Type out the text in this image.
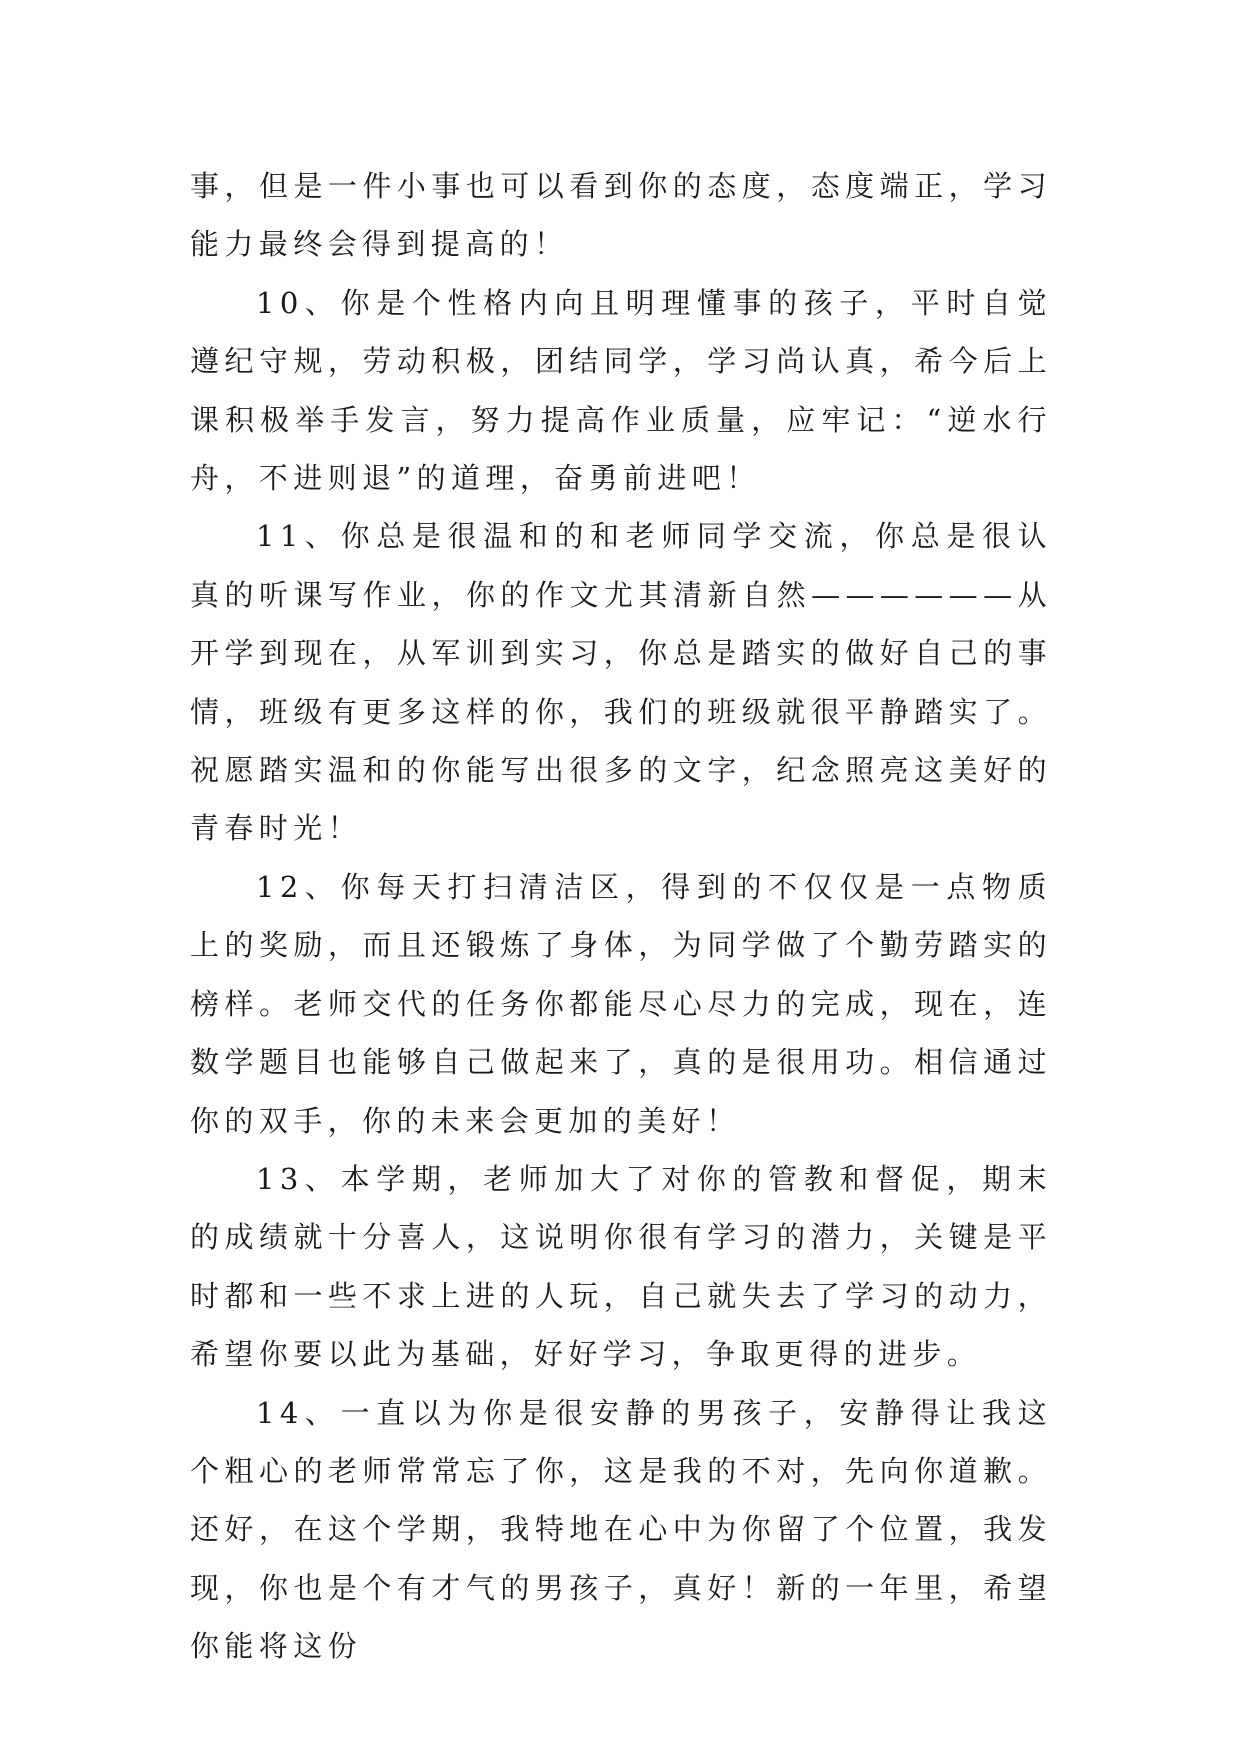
事，但是一件小事也可以看到你的态度，态度端正，学习能力最终会得到提高的！

10、你是个性格内向且明理懂事的孩子，平时自觉遵纪守规，劳动积极，团结同学，学习尚认真，希今后上课积极举手发言，努力提高作业质量，应牢记：“逆水行舟，不进则退”的道理，奋勇前进吧！

11、你总是很温和的和老师同学交流，你总是很认真的听课写作业，你的作文尤其清新自然——————从开学到现在，从军训到实习，你总是踏实的做好自己的事情，班级有更多这样的你，我们的班级就很平静踏实了。祝愿踏实温和的你能写出很多的文字，纪念照亮这美好的青春时光！

12、你每天打扫清洁区，得到的不仅仅是一点物质上的奖励，而且还锻炼了身体，为同学做了个勤劳踏实的榜样。老师交代的任务你都能尽心尽力的完成，现在，连数学题目也能够自己做起来了，真的是很用功。相信通过你的双手，你的未来会更加的美好！

13、本学期，老师加大了对你的管教和督促，期末的成绩就十分喜人，这说明你很有学习的潜力，关键是平时都和一些不求上进的人玩，自己就失去了学习的动力，希望你要以此为基础，好好学习，争取更得的进步。

14、一直以为你是很安静的男孩子，安静得让我这个粗心的老师常常忘了你，这是我的不对，先向你道歉。还好，在这个学期，我特地在心中为你留了个位置，我发现，你也是个有才气的男孩子，真好！新的一年里，希望你能将这份
